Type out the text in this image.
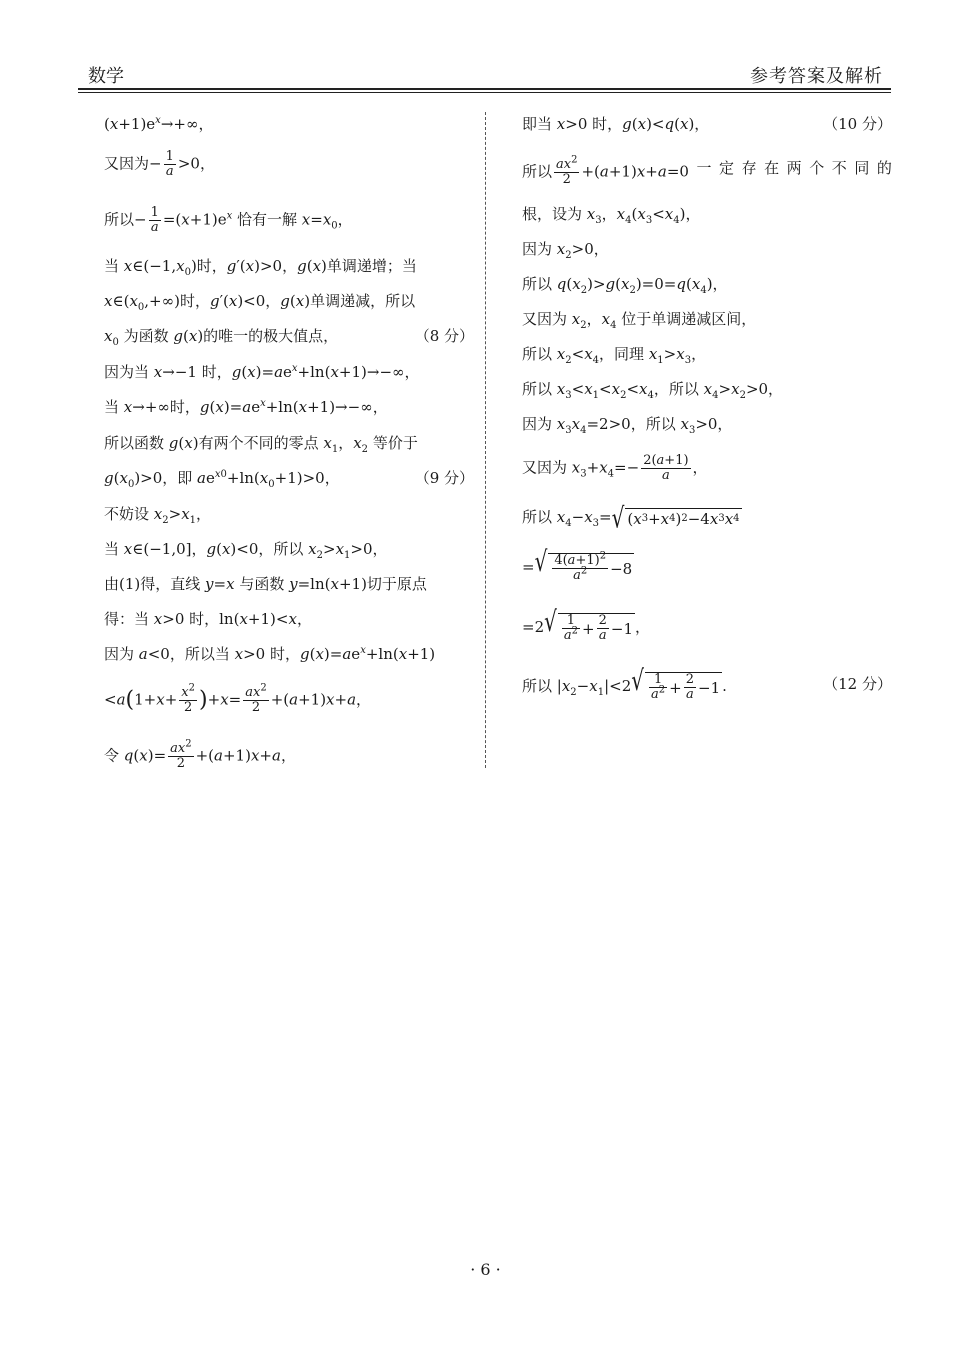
数学	参考答案及解析
$(x+1)e^x\to+\infty$，
又因为− $\frac{1}{a} >0$，
所以− $\frac{1}{a} =(x+1)e^x$ 恰有一解 $x=x_0$，
当 $x\in(-1,x_0)$时，g′(x)>0，g(x)单调递增；当
$x\in(x_0,+\infty)$时，g′(x)<0，g(x)单调递减，所以
$x_0$ 为函数 g(x)的唯一的极大值点，	（8 分）
因为当 x→−1 时，$g(x)=ae^x+\ln(x+1)\to-\infty$，
当 x→+∞时，$g(x)=ae^x+\ln(x+1)\to-\infty$，
所以函数 g(x)有两个不同的零点 $x_1$，$x_2$ 等价于
$g(x_0)>0$，即 $ae^{x0}+\ln(x_0+1)>0$，	（9 分）
不妨设 $x_2>x_1$，
当 x∈(−1,0]，g(x)<0，所以 $x_2>x_1>0$，
由(1)得，直线 y=x 与函数 y=ln(x+1)切于原点
得：当 x>0 时，ln(x+1)<x，
因为 a<0，所以当 x>0 时，$g(x)=ae^x+\ln(x+1)$
$<a(1+x+ \frac{x^2}{2} )+x= \frac{ax^2}{2} +(a+1)x+a$，
令 $q(x)= \frac{ax^2}{2} +(a+1)x+a$，
即当 x>0 时，g(x)<q(x)，	（10 分）
所以 $\frac{ax^2}{2} +(a+1)x+a=0$ 一 定 存 在 两 个 不 同 的
根，设为 $x_3$，$x_4(x_3<x_4)$，
因为 $x_2>0$，
所以 $q(x_2)>g(x_2)=0=q(x_4)$，
又因为 $x_2$，$x_4$ 位于单调递减区间，
所以 $x_2<x_4$，同理 $x_1>x_3$，
所以 $x_3<x_1<x_2<x_4$，所以 $x_4>x_2>0$，
因为 $x_3x_4=2>0$，所以 $x_3>0$，
又因为 $x_3+x_4=- \frac{2(a+1)}{a}$ ，
所以 $x_4-x_3=$ √ ( x 3 + x 4 ) 2 −4 x 3 x 4
= √ $\frac{4(a+1)^2}{a^2} -8$
=2 √ $\frac{1}{a^2} + \frac{2}{a} -1$ ，
所以 $|x_2-x_1|<2$ √ $\frac{1}{a^2} + \frac{2}{a} -1$ .	（12 分）
· 6 ·
